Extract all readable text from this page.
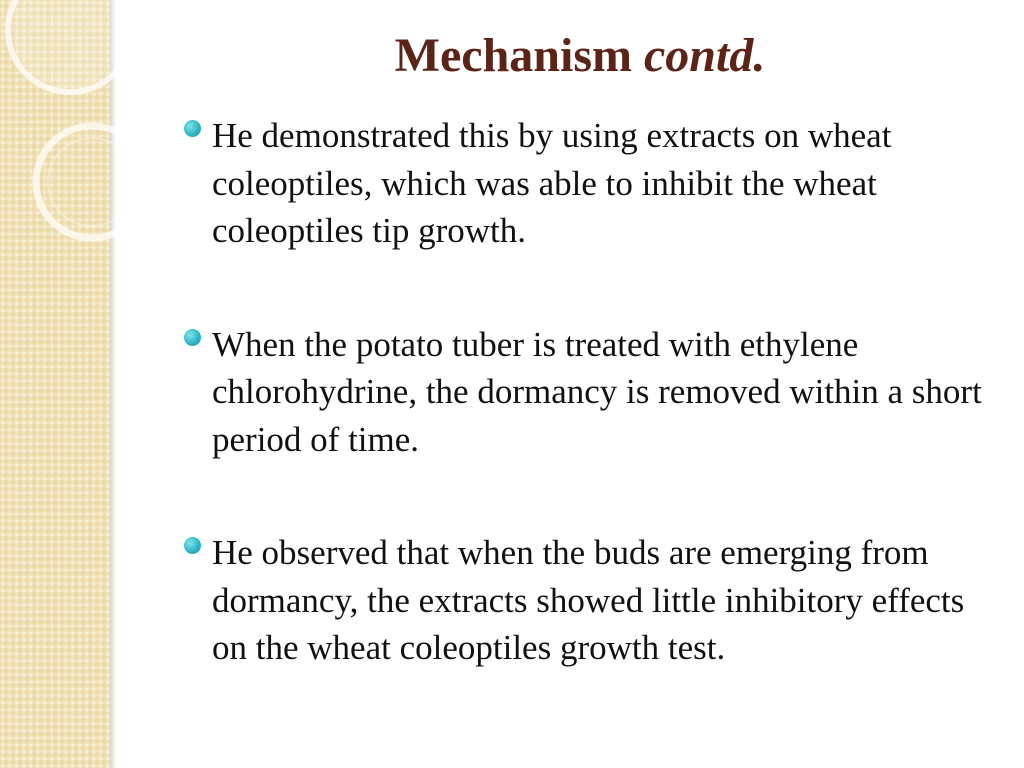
Mechanism contd.
He demonstrated this by using extracts on wheat coleoptiles, which was able to inhibit the wheat coleoptiles tip growth.
When the potato tuber is treated with ethylene chlorohydrine, the dormancy is removed within a short period of time.
He observed that when the buds are emerging from dormancy, the extracts showed little inhibitory effects on the wheat coleoptiles growth test.
